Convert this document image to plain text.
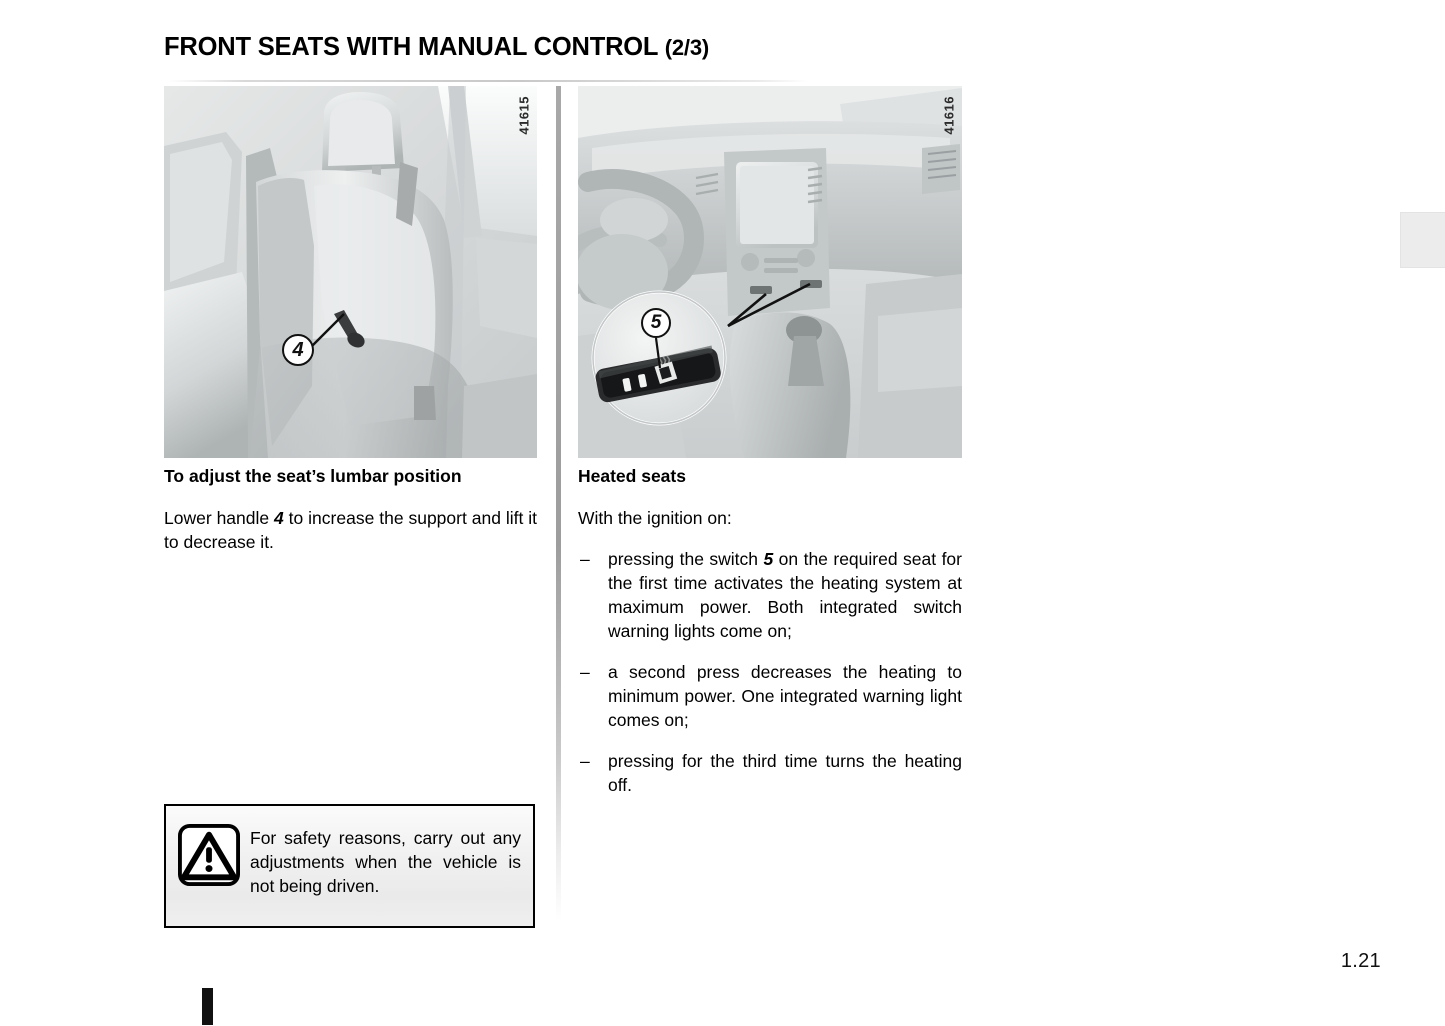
FRONT SEATS WITH MANUAL CONTROL (2/3)
4
41615
5
41616
To adjust the seat’s lumbar position

Lower handle 4 to increase the support and lift it to decrease it.

Heated seats

With the ignition on:

– pressing the switch 5 on the required seat for the first time activates the heating system at maximum power. Both integrated switch warning lights come on;
– a second press decreases the heating to minimum power. One integrated warning light comes on;
– pressing for the third time turns the heating off.
For safety reasons, carry out any adjustments when the vehicle is not being driven.
1.21
